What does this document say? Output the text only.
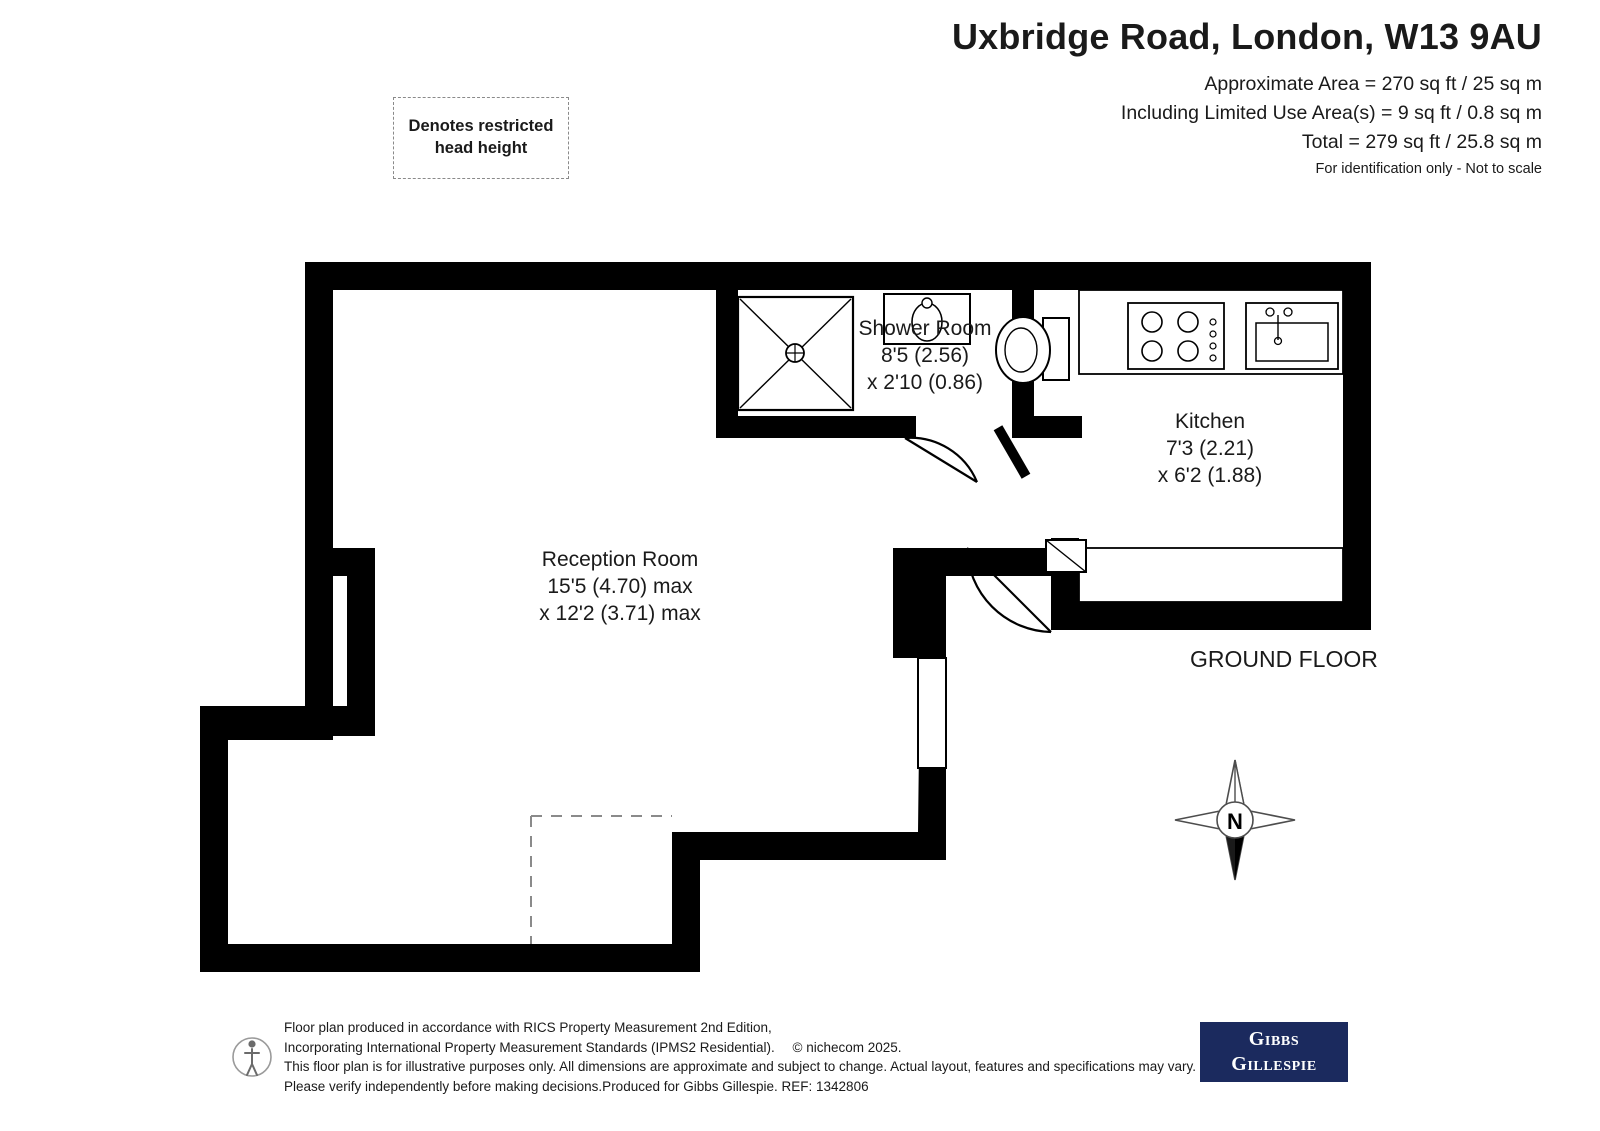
Uxbridge Road, London, W13 9AU
Approximate Area = 270 sq ft / 25 sq m
Including Limited Use Area(s) = 9 sq ft / 0.8 sq m
Total = 279 sq ft / 25.8 sq m
For identification only - Not to scale
Denotes restricted
head height
Reception Room
15'5 (4.70) max
x 12'2 (3.71) max
Shower Room
8'5 (2.56)
x 2'10 (0.86)
Kitchen
7'3 (2.21)
x 6'2 (1.88)
GROUND FLOOR
N
Floor plan produced in accordance with RICS Property Measurement 2nd Edition,
Incorporating International Property Measurement Standards (IPMS2 Residential). © nichecom 2025.
This floor plan is for illustrative purposes only. All dimensions are approximate and subject to change. Actual layout, features and specifications may vary.
Please verify independently before making decisions.Produced for Gibbs Gillespie. REF: 1342806
Gibbs
Gillespie
